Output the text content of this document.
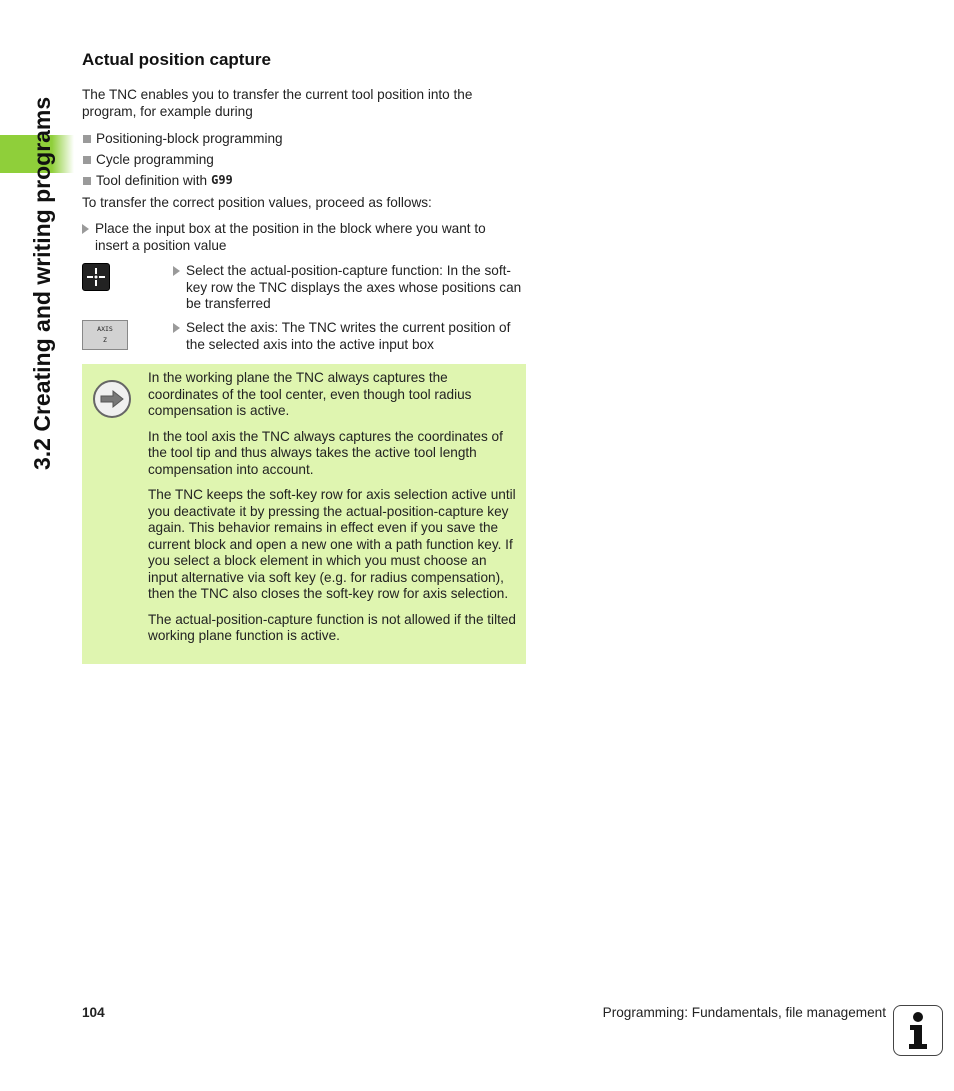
3.2 Creating and writing programs
Actual position capture

The TNC enables you to transfer the current tool position into the program, for example during

Positioning-block programming
Cycle programming
Tool definition with G99

To transfer the correct position values, proceed as follows:

Place the input box at the position in the block where you want to insert a position value

Select the actual-position-capture function: In the soft-key row the TNC displays the axes whose positions can be transferred

AXIS
Z

Select the axis: The TNC writes the current position of the selected axis into the active input box

In the working plane the TNC always captures the coordinates of the tool center, even though tool radius compensation is active.

In the tool axis the TNC always captures the coordinates of the tool tip and thus always takes the active tool length compensation into account.

The TNC keeps the soft-key row for axis selection active until you deactivate it by pressing the actual-position-capture key again. This behavior remains in effect even if you save the current block and open a new one with a path function key. If you select a block element in which you must choose an input alternative via soft key (e.g. for radius compensation), then the TNC also closes the soft-key row for axis selection.

The actual-position-capture function is not allowed if the tilted working plane function is active.

104	Programming: Fundamentals, file management
